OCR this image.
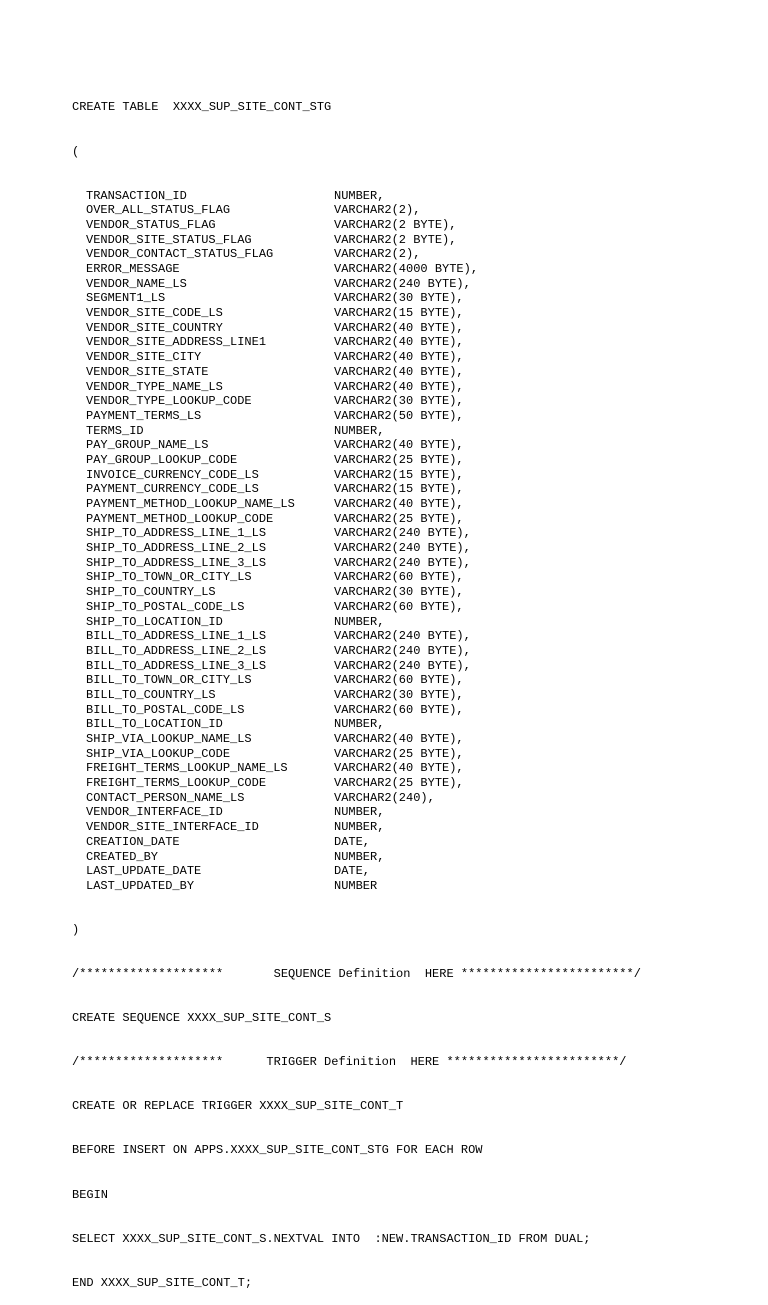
CREATE TABLE  XXXX_SUP_SITE_CONT_STG

(

TRANSACTION_ID	NUMBER,
OVER_ALL_STATUS_FLAG	VARCHAR2(2),
VENDOR_STATUS_FLAG	VARCHAR2(2 BYTE),
VENDOR_SITE_STATUS_FLAG	VARCHAR2(2 BYTE),
VENDOR_CONTACT_STATUS_FLAG	VARCHAR2(2),
ERROR_MESSAGE	VARCHAR2(4000 BYTE),
VENDOR_NAME_LS	VARCHAR2(240 BYTE),
SEGMENT1_LS	VARCHAR2(30 BYTE),
VENDOR_SITE_CODE_LS	VARCHAR2(15 BYTE),
VENDOR_SITE_COUNTRY	VARCHAR2(40 BYTE),
VENDOR_SITE_ADDRESS_LINE1	VARCHAR2(40 BYTE),
VENDOR_SITE_CITY	VARCHAR2(40 BYTE),
VENDOR_SITE_STATE	VARCHAR2(40 BYTE),
VENDOR_TYPE_NAME_LS	VARCHAR2(40 BYTE),
VENDOR_TYPE_LOOKUP_CODE	VARCHAR2(30 BYTE),
PAYMENT_TERMS_LS	VARCHAR2(50 BYTE),
TERMS_ID	NUMBER,
PAY_GROUP_NAME_LS	VARCHAR2(40 BYTE),
PAY_GROUP_LOOKUP_CODE	VARCHAR2(25 BYTE),
INVOICE_CURRENCY_CODE_LS	VARCHAR2(15 BYTE),
PAYMENT_CURRENCY_CODE_LS	VARCHAR2(15 BYTE),
PAYMENT_METHOD_LOOKUP_NAME_LS	VARCHAR2(40 BYTE),
PAYMENT_METHOD_LOOKUP_CODE	VARCHAR2(25 BYTE),
SHIP_TO_ADDRESS_LINE_1_LS	VARCHAR2(240 BYTE),
SHIP_TO_ADDRESS_LINE_2_LS	VARCHAR2(240 BYTE),
SHIP_TO_ADDRESS_LINE_3_LS	VARCHAR2(240 BYTE),
SHIP_TO_TOWN_OR_CITY_LS	VARCHAR2(60 BYTE),
SHIP_TO_COUNTRY_LS	VARCHAR2(30 BYTE),
SHIP_TO_POSTAL_CODE_LS	VARCHAR2(60 BYTE),
SHIP_TO_LOCATION_ID	NUMBER,
BILL_TO_ADDRESS_LINE_1_LS	VARCHAR2(240 BYTE),
BILL_TO_ADDRESS_LINE_2_LS	VARCHAR2(240 BYTE),
BILL_TO_ADDRESS_LINE_3_LS	VARCHAR2(240 BYTE),
BILL_TO_TOWN_OR_CITY_LS	VARCHAR2(60 BYTE),
BILL_TO_COUNTRY_LS	VARCHAR2(30 BYTE),
BILL_TO_POSTAL_CODE_LS	VARCHAR2(60 BYTE),
BILL_TO_LOCATION_ID	NUMBER,
SHIP_VIA_LOOKUP_NAME_LS	VARCHAR2(40 BYTE),
SHIP_VIA_LOOKUP_CODE	VARCHAR2(25 BYTE),
FREIGHT_TERMS_LOOKUP_NAME_LS	VARCHAR2(40 BYTE),
FREIGHT_TERMS_LOOKUP_CODE	VARCHAR2(25 BYTE),
CONTACT_PERSON_NAME_LS	VARCHAR2(240),
VENDOR_INTERFACE_ID	NUMBER,
VENDOR_SITE_INTERFACE_ID	NUMBER,
CREATION_DATE	DATE,
CREATED_BY	NUMBER,
LAST_UPDATE_DATE	DATE,
LAST_UPDATED_BY	NUMBER

)

/********************       SEQUENCE Definition  HERE ************************/

CREATE SEQUENCE XXXX_SUP_SITE_CONT_S

/********************      TRIGGER Definition  HERE ************************/

CREATE OR REPLACE TRIGGER XXXX_SUP_SITE_CONT_T

BEFORE INSERT ON APPS.XXXX_SUP_SITE_CONT_STG FOR EACH ROW

BEGIN

SELECT XXXX_SUP_SITE_CONT_S.NEXTVAL INTO  :NEW.TRANSACTION_ID FROM DUAL;

END XXXX_SUP_SITE_CONT_T;
